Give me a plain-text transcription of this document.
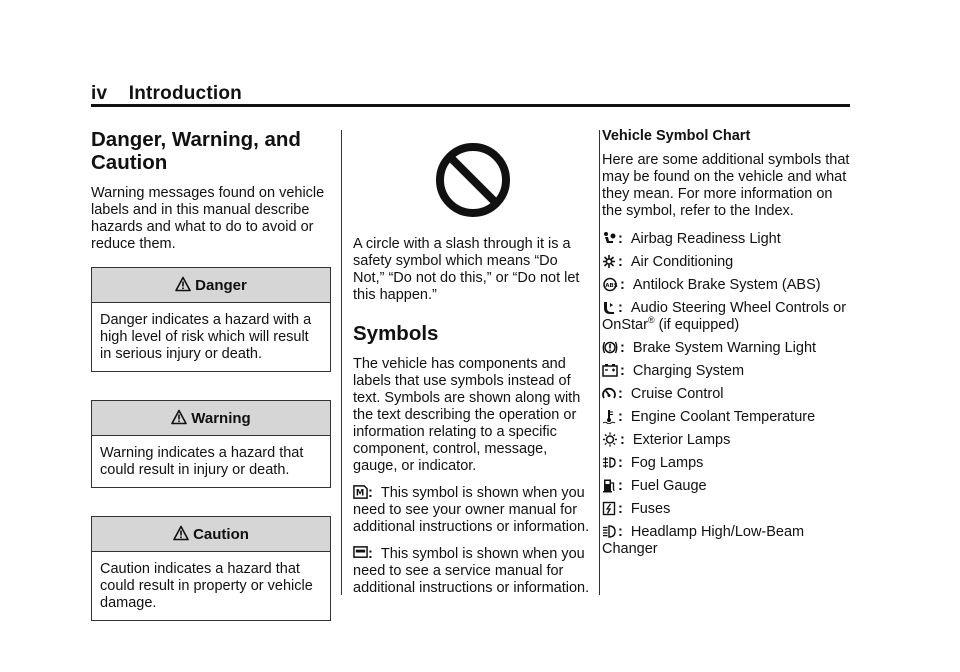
iv Introduction
Danger, Warning, and Caution

Warning messages found on vehicle labels and in this manual describe hazards and what to do to avoid or reduce them.

Danger
Danger indicates a hazard with a high level of risk which will result in serious injury or death.
Warning
Warning indicates a hazard that could result in injury or death.
Caution
Caution indicates a hazard that could result in property or vehicle damage.

A circle with a slash through it is a safety symbol which means “Do Not,” “Do not do this,” or “Do not let this happen.”

Symbols

The vehicle has components and labels that use symbols instead of text. Symbols are shown along with the text describing the operation or information relating to a specific component, control, message, gauge, or indicator.

M : This symbol is shown when you need to see your owner manual for additional instructions or information.

: This symbol is shown when you need to see a service manual for additional instructions or information.

Vehicle Symbol Chart

Here are some additional symbols that may be found on the vehicle and what they mean. For more information on the symbol, refer to the Index.

: Airbag Readiness Light
: Air Conditioning
ABS : Antilock Brake System (ABS)
: Audio Steering Wheel Controls or OnStar® (if equipped)
: Brake System Warning Light
: Charging System
: Cruise Control
: Engine Coolant Temperature
: Exterior Lamps
: Fog Lamps
: Fuel Gauge
: Fuses
: Headlamp High/Low-Beam Changer
